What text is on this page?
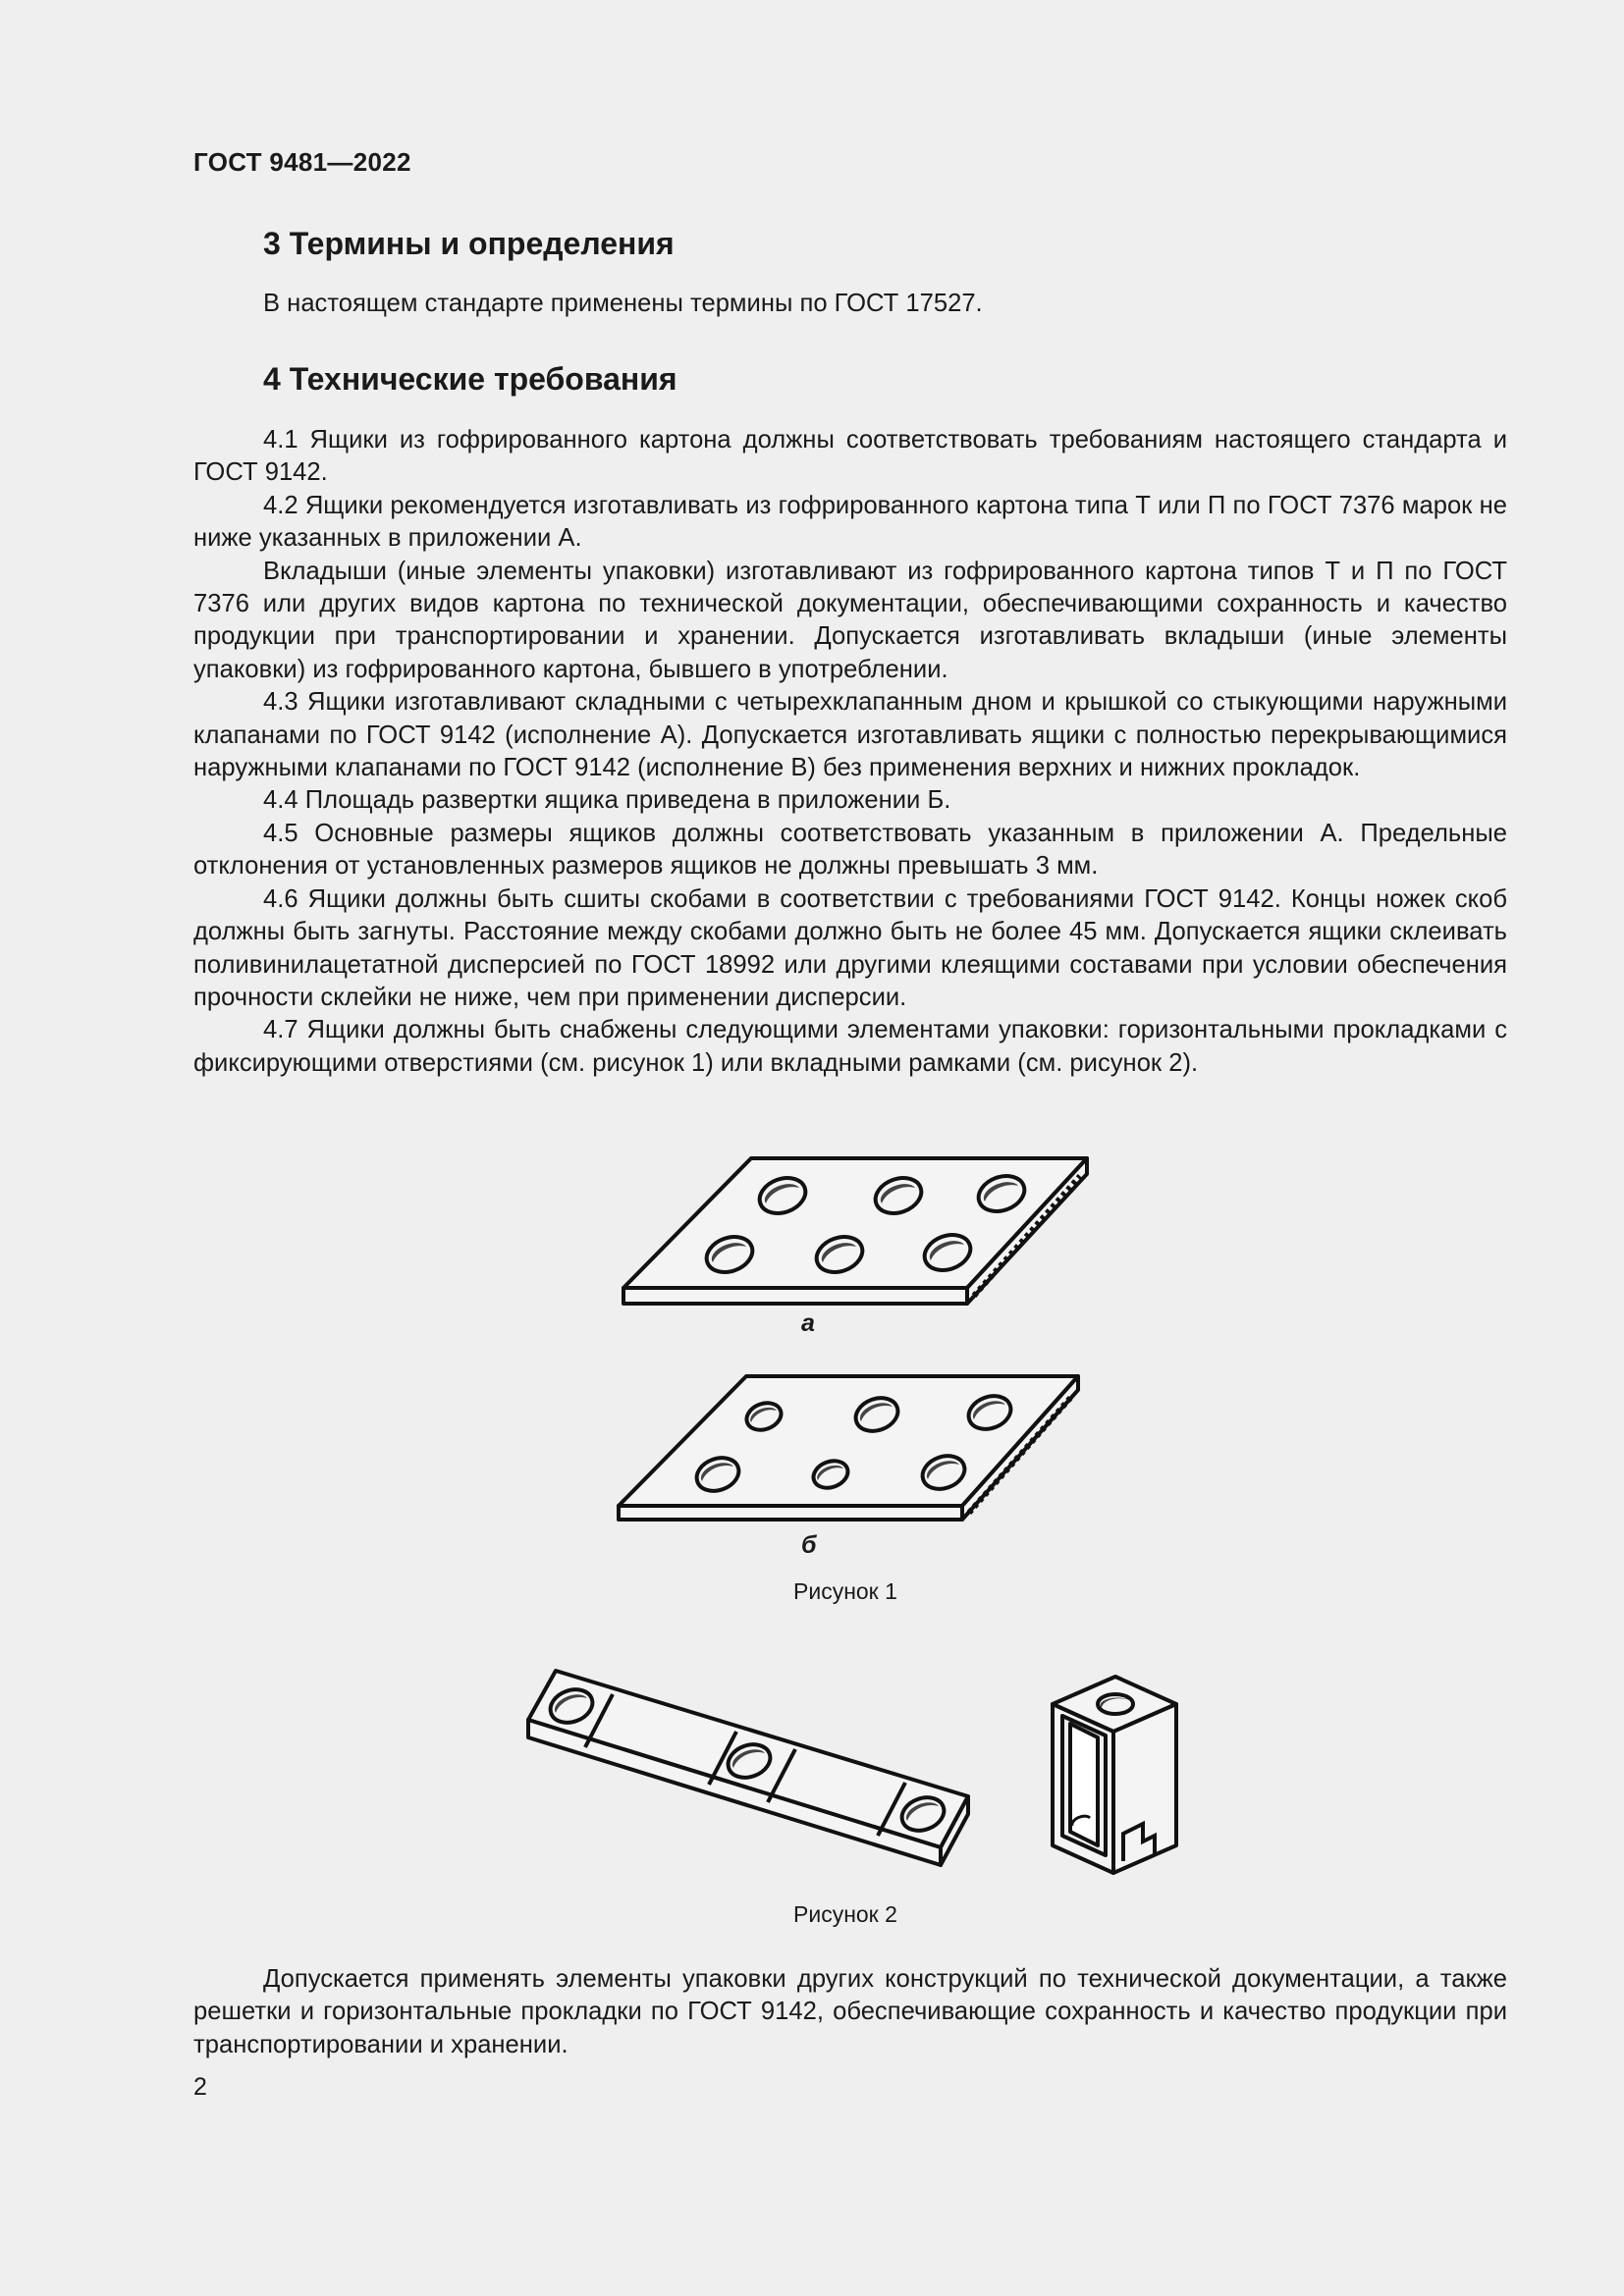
ГОСТ 9481—2022
3 Термины и определения
В настоящем стандарте применены термины по ГОСТ 17527.
4 Технические требования

4.1 Ящики из гофрированного картона должны соответствовать требованиям настоящего стандарта и ГОСТ 9142.

4.2 Ящики рекомендуется изготавливать из гофрированного картона типа Т или П по ГОСТ 7376 марок не ниже указанных в приложении А.

Вкладыши (иные элементы упаковки) изготавливают из гофрированного картона типов Т и П по ГОСТ 7376 или других видов картона по технической документации, обеспечивающими сохранность и качество продукции при транспортировании и хранении. Допускается изготавливать вкладыши (иные элементы упаковки) из гофрированного картона, бывшего в употреблении.

4.3 Ящики изготавливают складными с четырехклапанным дном и крышкой со стыкующими наружными клапанами по ГОСТ 9142 (исполнение А). Допускается изготавливать ящики с полностью перекрывающимися наружными клапанами по ГОСТ 9142 (исполнение В) без применения верхних и нижних прокладок.

4.4 Площадь развертки ящика приведена в приложении Б.

4.5 Основные размеры ящиков должны соответствовать указанным в приложении А. Предельные отклонения от установленных размеров ящиков не должны превышать 3 мм.

4.6 Ящики должны быть сшиты скобами в соответствии с требованиями ГОСТ 9142. Концы ножек скоб должны быть загнуты. Расстояние между скобами должно быть не более 45 мм. Допускается ящики склеивать поливинилацетатной дисперсией по ГОСТ 18992 или другими клеящими составами при условии обеспечения прочности склейки не ниже, чем при применении дисперсии.

4.7 Ящики должны быть снабжены следующими элементами упаковки: горизонтальными прокладками с фиксирующими отверстиями (см. рисунок 1) или вкладными рамками (см. рисунок 2).

а
б
Рисунок 1
Рисунок 2

Допускается применять элементы упаковки других конструкций по технической документации, а также решетки и горизонтальные прокладки по ГОСТ 9142, обеспечивающие сохранность и качество продукции при транспортировании и хранении.

2
